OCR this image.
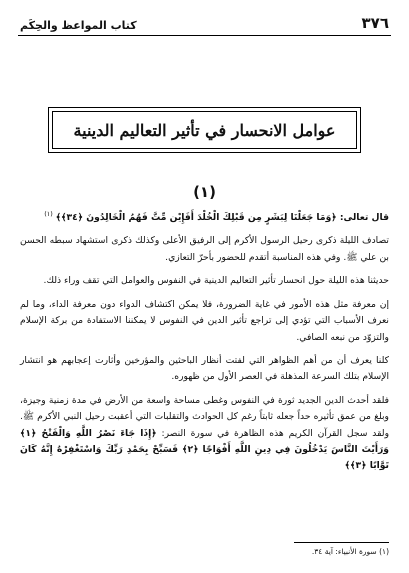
٣٧٦
كتاب المواعظ والحِكَم
عوامل الانحسار في تأثير التعاليم الدينية
(١)

قال تعالى: ﴿وَمَا جَعَلْنَا لِبَشَرٍ مِن قَبْلِكَ الْخُلْدَ أَفَإِيْن مِّتَّ فَهُمُ الْخَالِدُونَ ﴿٣٤﴾﴾ $^{(١)}$

تصادف الليلة ذكرى رحيل الرسول الأكرم إلى الرفيق الأعلى وكذلك ذكرى استشهاد سبطه الحسن بن علي ﷺ. وفي هذه المناسبة أتقدم للحضور بأحرّ التعازي.

حديثنا هذه الليلة حول انحسار تأثير التعاليم الدينية في النفوس والعوامل التي تقف وراء ذلك.

إن معرفة مثل هذه الأمور في غاية الضرورة، فلا يمكن اكتشاف الدواء دون معرفة الداء، وما لم نعرف الأسباب التي تؤدي إلى تراجع تأثير الدين في النفوس لا يمكننا الاستفادة من بركة الإسلام والتزوّد من نبعه الصافي.

كلنا يعرف أن من أهم الظواهر التي لفتت أنظار الباحثين والمؤرخين وأثارت إعجابهم هو انتشار الإسلام بتلك السرعة المذهلة في العصر الأول من ظهوره.

فلقد أحدث الدين الجديد ثورة في النفوس وغطى مساحة واسعة من الأرض في مدة زمنية وجيزة، وبلغ من عمق تأثيره حداً جعله ثابتاً رغم كل الحوادث والتقلبات التي أعقبت رحيل النبي الأكرم ﷺ. ولقد سجل القرآن الكريم هذه الظاهرة في سورة النصر: ﴿إِذَا جَاءَ نَصْرُ اللَّهِ وَالْفَتْحُ ﴿١﴾ وَرَأَيْتَ النَّاسَ يَدْخُلُونَ فِي دِينِ اللَّهِ أَفْوَاجًا ﴿٢﴾ فَسَبِّحْ بِحَمْدِ رَبِّكَ وَاسْتَغْفِرْهُ إِنَّهُ كَانَ تَوَّابًا ﴿٣﴾﴾

(١) سورة الأنبياء: آية ٣٤.
